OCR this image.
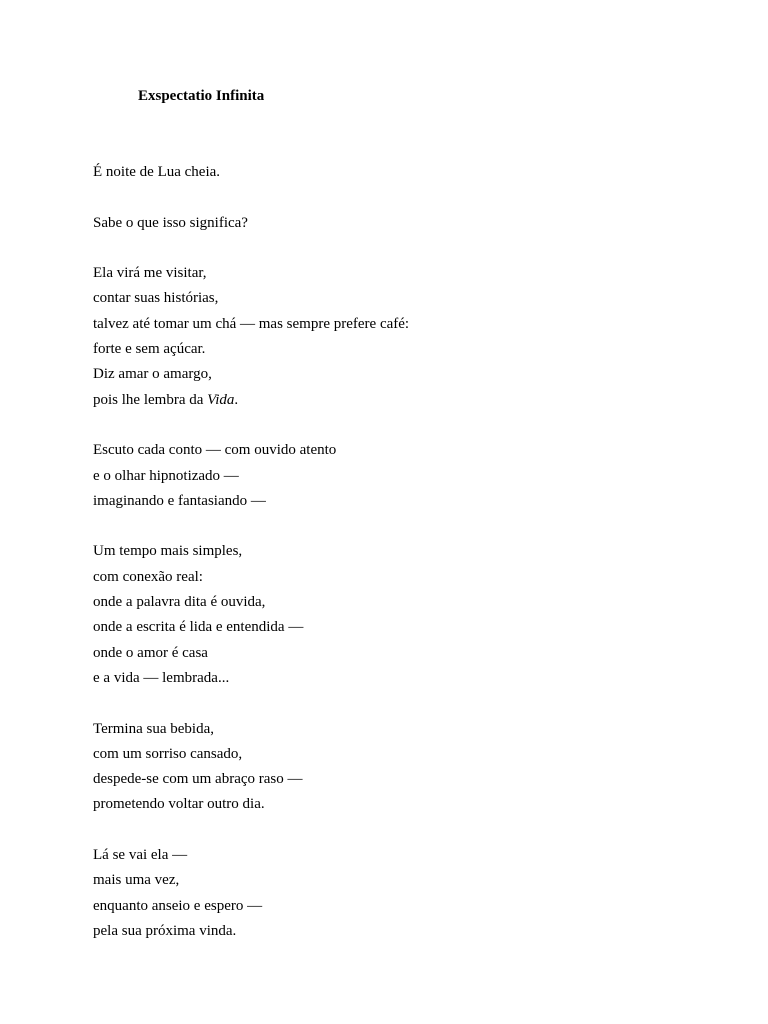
Exspectatio Infinita
É noite de Lua cheia.
Sabe o que isso significa?
Ela virá me visitar,
contar suas histórias,
talvez até tomar um chá — mas sempre prefere café:
forte e sem açúcar.
Diz amar o amargo,
pois lhe lembra da Vida.
Escuto cada conto — com ouvido atento
e o olhar hipnotizado —
imaginando e fantasiando —
Um tempo mais simples,
com conexão real:
onde a palavra dita é ouvida,
onde a escrita é lida e entendida —
onde o amor é casa
e a vida — lembrada...
Termina sua bebida,
com um sorriso cansado,
despede-se com um abraço raso —
prometendo voltar outro dia.
Lá se vai ela —
mais uma vez,
enquanto anseio e espero —
pela sua próxima vinda.
